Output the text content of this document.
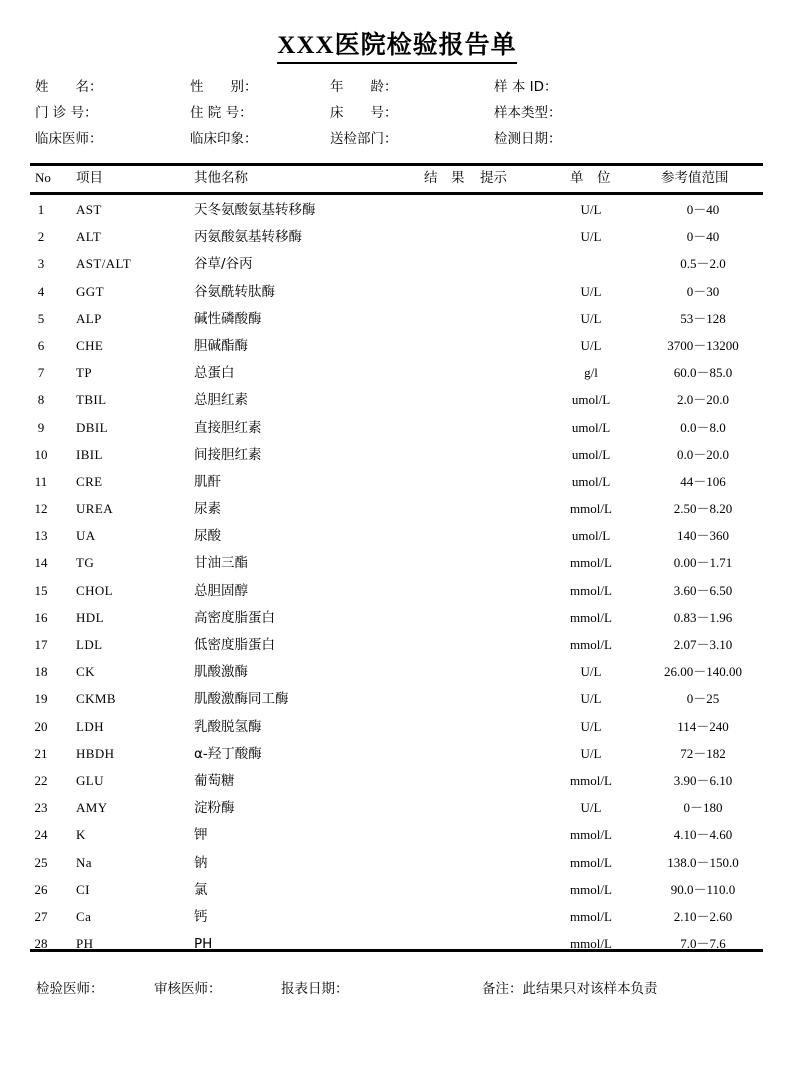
XXX医院检验报告单
姓　　名：	性　　别：	年　　龄：	样 本 ID：
门 诊 号：	住 院 号：	床　　号：	样本类型：
临床医师：	临床印象：	送检部门：	检测日期：
No 项目	其他名称	结　果 提示	单　位	参考值范围
1	AST	天冬氨酸氨基转移酶	U/L	0－40
2	ALT	丙氨酸氨基转移酶	U/L	0－40
3	AST/ALT	谷草/谷丙	0.5－2.0
4	GGT	谷氨酰转肽酶	U/L	0－30
5	ALP	碱性磷酸酶	U/L	53－128
6	CHE	胆碱酯酶	U/L	3700－13200
7	TP	总蛋白	g/l	60.0－85.0
8	TBIL	总胆红素	umol/L	2.0－20.0
9	DBIL	直接胆红素	umol/L	0.0－8.0
10	IBIL	间接胆红素	umol/L	0.0－20.0
11	CRE	肌酐	umol/L	44－106
12	UREA	尿素	mmol/L	2.50－8.20
13	UA	尿酸	umol/L	140－360
14	TG	甘油三酯	mmol/L	0.00－1.71
15	CHOL	总胆固醇	mmol/L	3.60－6.50
16	HDL	高密度脂蛋白	mmol/L	0.83－1.96
17	LDL	低密度脂蛋白	mmol/L	2.07－3.10
18	CK	肌酸激酶	U/L	26.00－140.00
19	CKMB	肌酸激酶同工酶	U/L	0－25
20	LDH	乳酸脱氢酶	U/L	114－240
21	HBDH	α-羟丁酸酶	U/L	72－182
22	GLU	葡萄糖	mmol/L	3.90－6.10
23	AMY	淀粉酶	U/L	0－180
24	K	钾	mmol/L	4.10－4.60
25	Na	钠	mmol/L	138.0－150.0
26	CI	氯	mmol/L	90.0－110.0
27	Ca	钙	mmol/L	2.10－2.60
28	PH	PH	mmol/L	7.0－7.6
检验医师：	审核医师：	报表日期：	备注：此结果只对该样本负责
